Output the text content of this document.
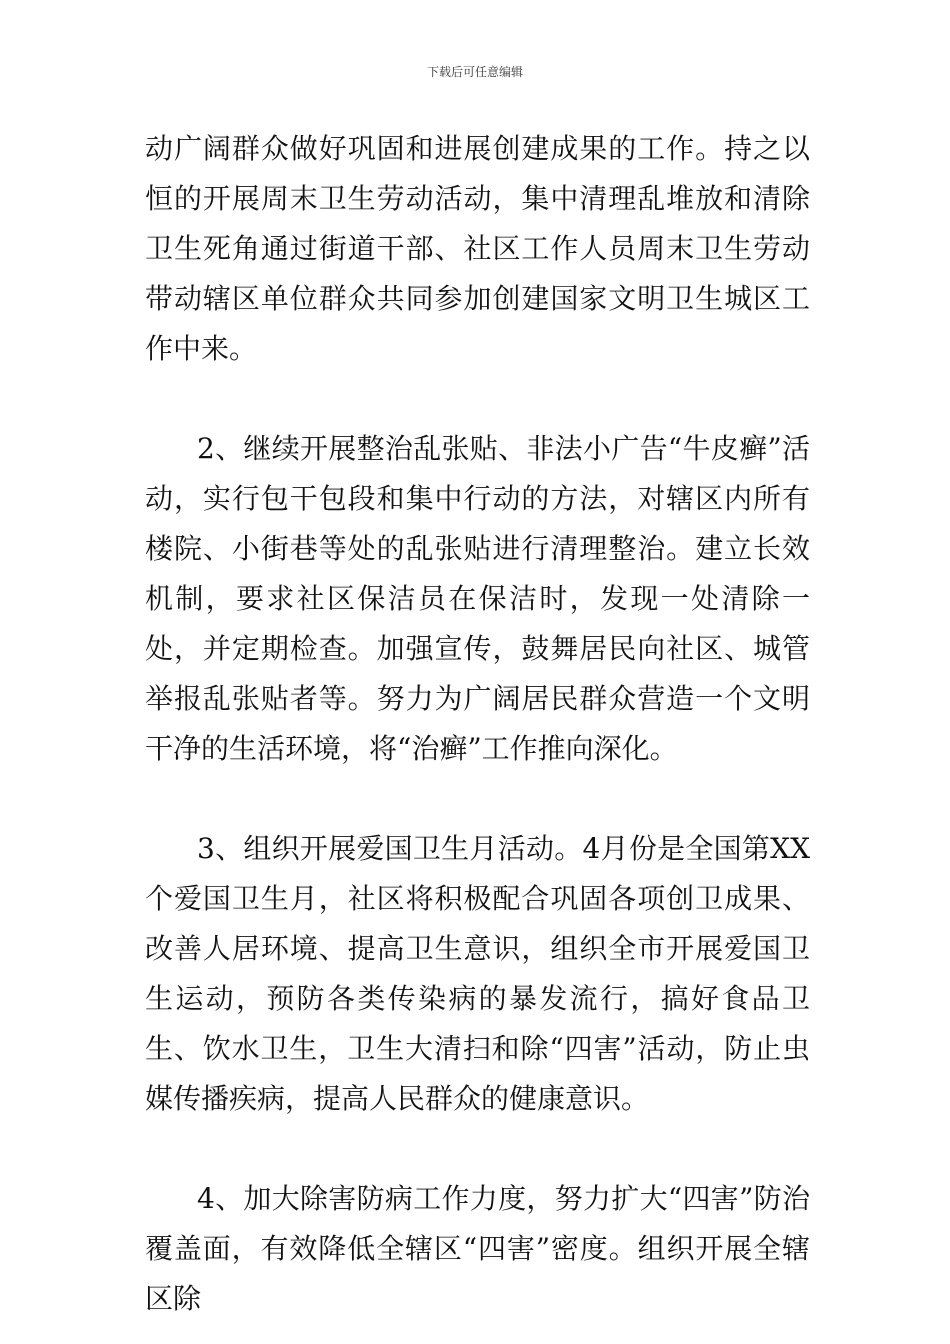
下载后可任意编辑

动广阔群众做好巩固和进展创建成果的工作。持之以恒的开展周末卫生劳动活动，集中清理乱堆放和清除卫生死角通过街道干部、社区工作人员周末卫生劳动带动辖区单位群众共同参加创建国家文明卫生城区工作中来。

2、继续开展整治乱张贴、非法小广告“牛皮癣”活动，实行包干包段和集中行动的方法，对辖区内所有楼院、小街巷等处的乱张贴进行清理整治。建立长效机制，要求社区保洁员在保洁时，发现一处清除一处，并定期检查。加强宣传，鼓舞居民向社区、城管举报乱张贴者等。努力为广阔居民群众营造一个文明干净的生活环境，将“治癣”工作推向深化。

3、组织开展爱国卫生月活动。4月份是全国第XX个爱国卫生月，社区将积极配合巩固各项创卫成果、改善人居环境、提高卫生意识，组织全市开展爱国卫生运动，预防各类传染病的暴发流行，搞好食品卫生、饮水卫生，卫生大清扫和除“四害”活动，防止虫媒传播疾病，提高人民群众的健康意识。

4、加大除害防病工作力度，努力扩大“四害”防治覆盖面，有效降低全辖区“四害”密度。组织开展全辖区除
